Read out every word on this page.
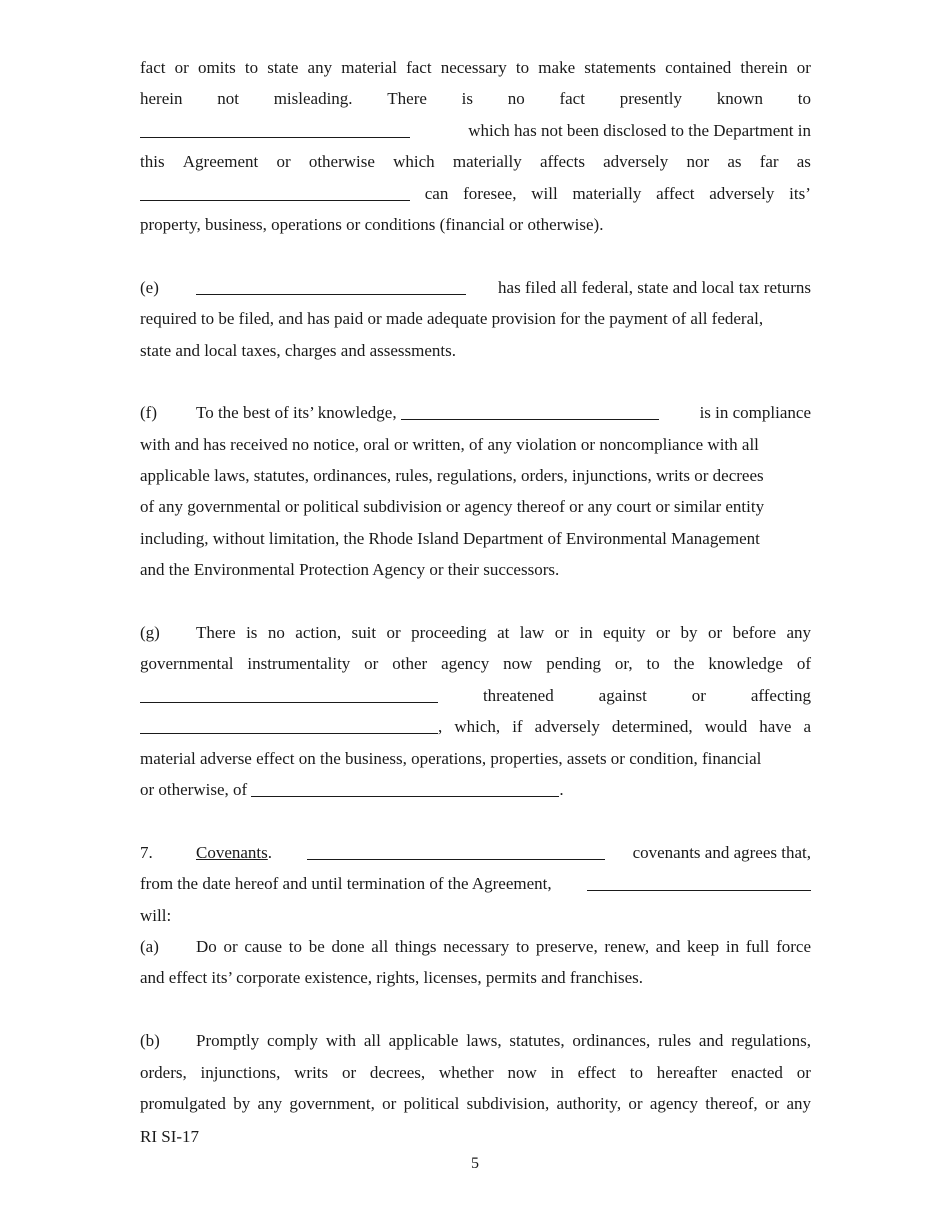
fact or omits to state any material fact necessary to make statements contained therein or
herein not misleading. There is no fact presently known to
which has not been disclosed to the Department in
this Agreement or otherwise which materially affects adversely nor as far as
can foresee, will materially affect adversely its’
property, business, operations or conditions (financial or otherwise).
(e)	has filed all federal, state and local tax returns
required to be filed, and has paid or made adequate provision for the payment of all federal,
state and local taxes, charges and assessments.
(f) To the best of its’ knowledge,	is in compliance
with and has received no notice, oral or written, of any violation or noncompliance with all
applicable laws, statutes, ordinances, rules, regulations, orders, injunctions, writs or decrees
of any governmental or political subdivision or agency thereof or any court or similar entity
including, without limitation, the Rhode Island Department of Environmental Management
and the Environmental Protection Agency or their successors.
(g)	There is no action, suit or proceeding at law or in equity or by or before any
governmental instrumentality or other agency now pending or, to the knowledge of
threatened	against	or	affecting
, which, if adversely determined, would have a
material adverse effect on the business, operations, properties, assets or condition, financial
or otherwise, of
	.
7.	Covenants.	covenants and agrees that,
from the date hereof and until termination of the Agreement,
will:
(a)	Do or cause to be done all things necessary to preserve, renew, and keep in full force
and effect its’ corporate existence, rights, licenses, permits and franchises.
(b)	Promptly comply with all applicable laws, statutes, ordinances, rules and regulations,
orders, injunctions, writs or decrees, whether now in effect to hereafter enacted or
promulgated by any government, or political subdivision, authority, or agency thereof, or any
RI SI-17
5
